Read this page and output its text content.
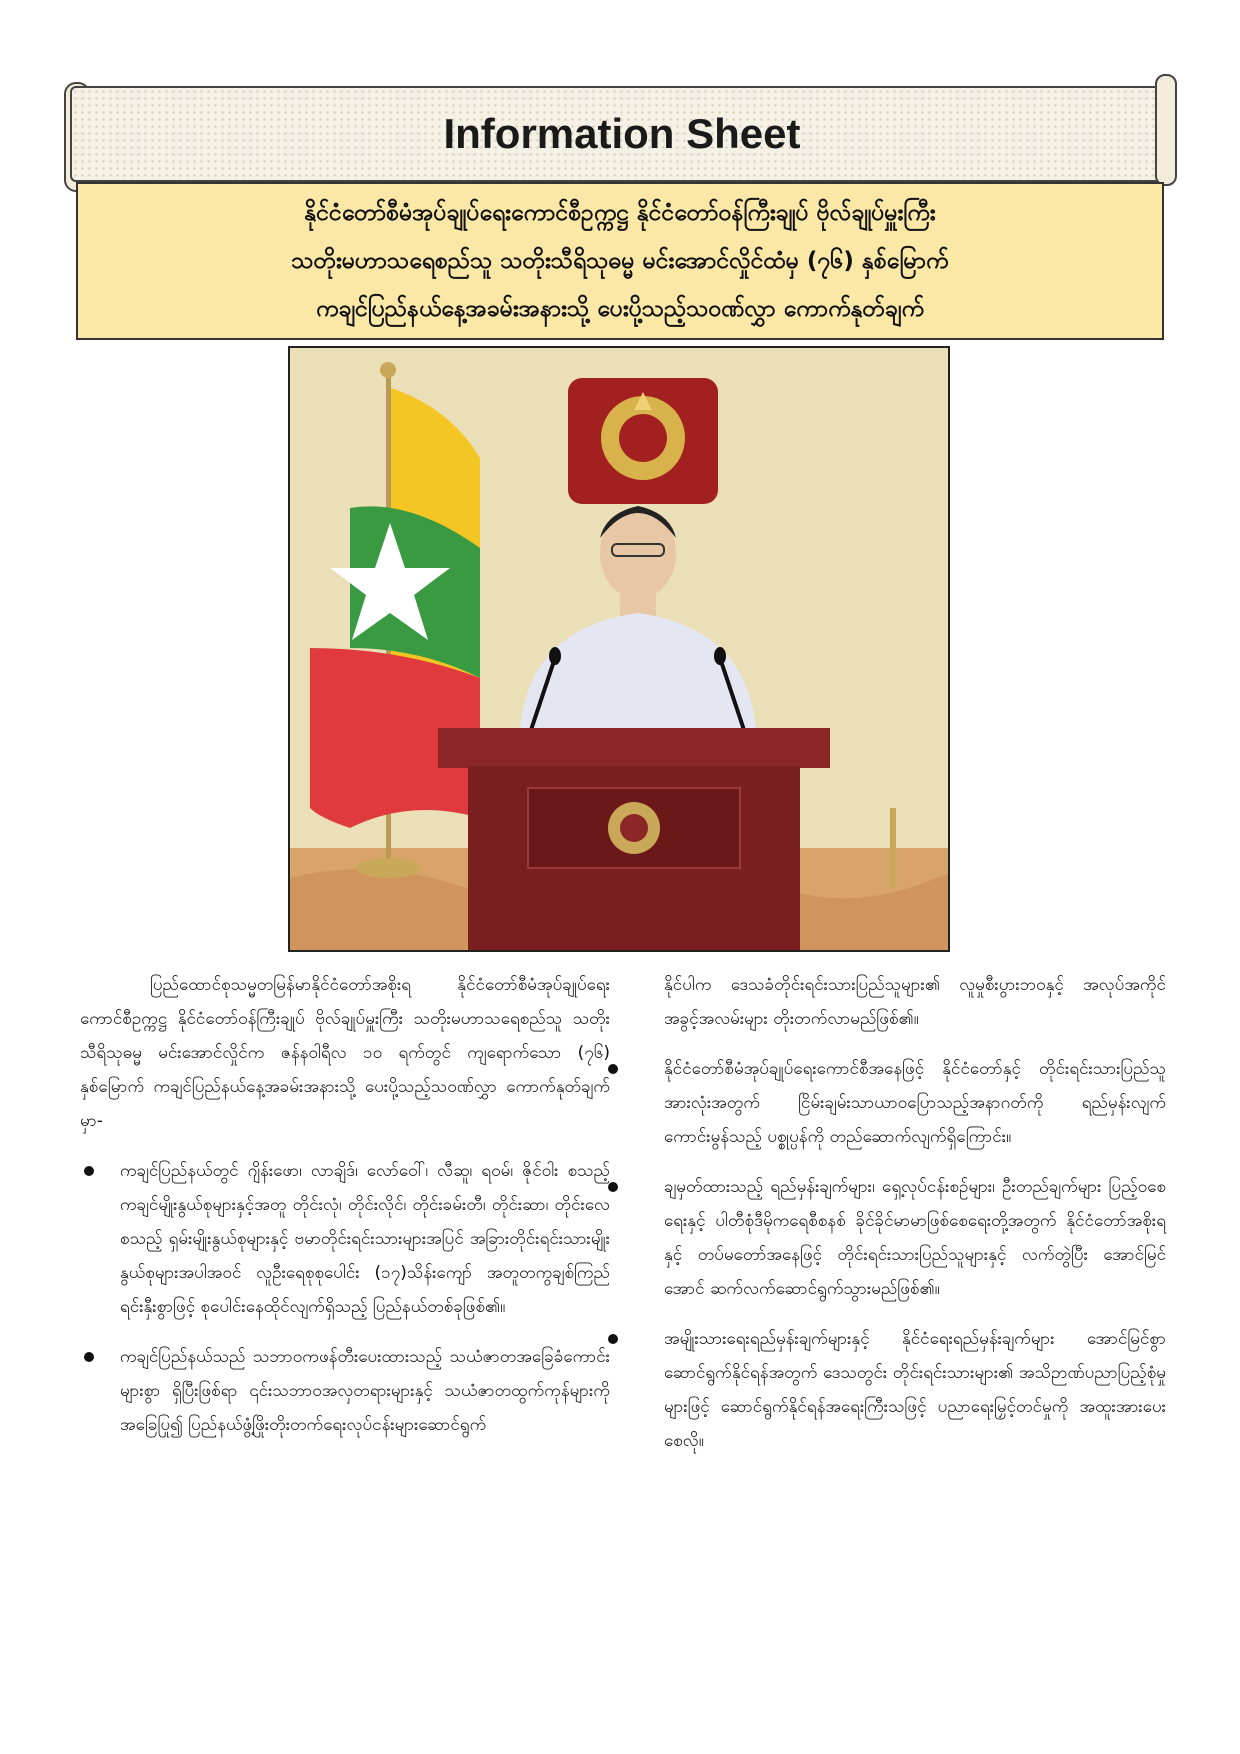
Information Sheet
နိုင်ငံတော်စီမံအုပ်ချုပ်ရေးကောင်စီဥက္ကဋ္ဌ နိုင်ငံတော်ဝန်ကြီးချုပ် ဗိုလ်ချုပ်မှူးကြီး
သတိုးမဟာသရေစည်သူ သတိုးသီရိသုဓမ္မ မင်းအောင်လှိုင်ထံမှ (၇၆) နှစ်မြောက်
ကချင်ပြည်နယ်နေ့အခမ်းအနားသို့ ပေးပို့သည့်သဝဏ်လွှာ ကောက်နုတ်ချက်

ပြည်ထောင်စုသမ္မတမြန်မာနိုင်ငံတော်အစိုးရ နိုင်ငံတော်စီမံအုပ်ချုပ်ရေးကောင်စီဥက္ကဋ္ဌ နိုင်ငံတော်ဝန်ကြီးချုပ် ဗိုလ်ချုပ်မှူးကြီး သတိုးမဟာသရေစည်သူ သတိုးသီရိသုဓမ္မ မင်းအောင်လှိုင်က ဇန်နဝါရီလ ၁၀ ရက်တွင် ကျရောက်သော (၇၆) နှစ်မြောက် ကချင်ပြည်နယ်နေ့အခမ်းအနားသို့ ပေးပို့သည့်သဝဏ်လွှာ ကောက်နုတ်ချက်မှာ-

ကချင်ပြည်နယ်တွင် ဂျိန်းဖော၊ လာချိဒ်၊ လော်ဝေါ်၊ လီဆူ၊ ရဝမ်၊ ဇိုင်ဝါး စသည့် ကချင်မျိုးနွယ်စုများနှင့်အတူ တိုင်းလုံ၊ တိုင်းလိုင်၊ တိုင်းခမ်းတီ၊ တိုင်းဆာ၊ တိုင်းလေ စသည့် ရှမ်းမျိုးနွယ်စုများနှင့် ဗမာတိုင်းရင်းသားများအပြင် အခြားတိုင်းရင်းသားမျိုးနွယ်စုများအပါအဝင် လူဦးရေစုစုပေါင်း (၁၇)သိန်းကျော် အတူတကွချစ်ကြည်ရင်းနှီးစွာဖြင့် စုပေါင်းနေထိုင်လျက်ရှိသည့် ပြည်နယ်တစ်ခုဖြစ်၏။
ကချင်ပြည်နယ်သည် သဘာဝကဖန်တီးပေးထားသည့် သယံဇာတအခြေခံကောင်းများစွာ ရှိပြီးဖြစ်ရာ ၎င်းသဘာဝအလှတရားများနှင့် သယံဇာတထွက်ကုန်များကို အခြေပြု၍ ပြည်နယ်ဖွံ့ဖြိုးတိုးတက်ရေးလုပ်ငန်းများဆောင်ရွက်

နိုင်ပါက ဒေသခံတိုင်းရင်းသားပြည်သူများ၏ လူမှုစီးပွားဘဝနှင့် အလုပ်အကိုင်အခွင့်အလမ်းများ တိုးတက်လာမည်ဖြစ်၏။

နိုင်ငံတော်စီမံအုပ်ချုပ်ရေးကောင်စီအနေဖြင့် နိုင်ငံတော်နှင့် တိုင်းရင်းသားပြည်သူအားလုံးအတွက် ငြိမ်းချမ်းသာယာဝပြောသည့်အနာဂတ်ကို ရည်မှန်းလျက် ကောင်းမွန်သည့် ပစ္စုပ္ပန်ကို တည်ဆောက်လျက်ရှိကြောင်း။
ချမှတ်ထားသည့် ရည်မှန်းချက်များ၊ ရှေ့လုပ်ငန်းစဉ်များ၊ ဦးတည်ချက်များ ပြည့်ဝစေရေးနှင့် ပါတီစုံဒီမိုကရေစီစနစ် ခိုင်ခိုင်မာမာဖြစ်စေရေးတို့အတွက် နိုင်ငံတော်အစိုးရနှင့် တပ်မတော်အနေဖြင့် တိုင်းရင်းသားပြည်သူများနှင့် လက်တွဲပြီး အောင်မြင်အောင် ဆက်လက်ဆောင်ရွက်သွားမည်ဖြစ်၏။
အမျိုးသားရေးရည်မှန်းချက်များနှင့် နိုင်ငံရေးရည်မှန်းချက်များ အောင်မြင်စွာ ဆောင်ရွက်နိုင်ရန်အတွက် ဒေသတွင်း တိုင်းရင်းသားများ၏ အသိဉာဏ်ပညာပြည့်စုံမှုများဖြင့် ဆောင်ရွက်နိုင်ရန်အရေးကြီးသဖြင့် ပညာရေးမြှင့်တင်မှုကို အထူးအားပေးစေလို။
